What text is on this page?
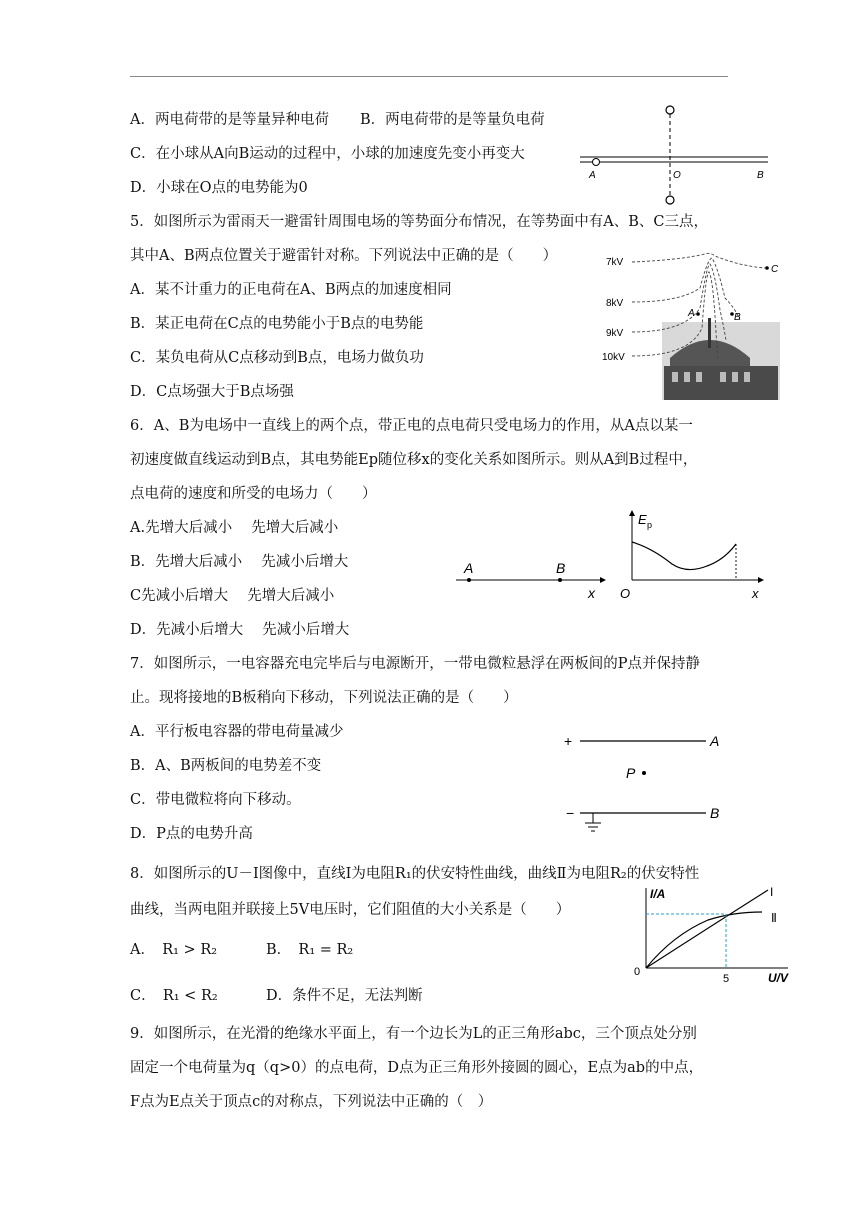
A．两电荷带的是等量异种电荷 B．两电荷带的是等量负电荷
C．在小球从A向B运动的过程中，小球的加速度先变小再变大
D．小球在O点的电势能为0
A	O	B
5．如图所示为雷雨天一避雷针周围电场的等势面分布情况，在等势面中有A、B、C三点，
其中A、B两点位置关于避雷针对称。下列说法中正确的是（　　）
A．某不计重力的正电荷在A、B两点的加速度相同
B．某正电荷在C点的电势能小于B点的电势能
C．某负电荷从C点移动到B点，电场力做负功
D．C点场强大于B点场强
7kV
8kV
9kV
10kV
A	B
C
6．A、B为电场中一直线上的两个点，带正电的点电荷只受电场力的作用，从A点以某一
初速度做直线运动到B点，其电势能Ep随位移x的变化关系如图所示。则从A到B过程中，
点电荷的速度和所受的电场力（　　）
A.先增大后减小　 先增大后减小
B．先增大后减小　 先减小后增大
C先减小后增大　 先增大后减小
D．先减小后增大　 先减小后增大
A	B
x
E p
O	x
7．如图所示，一电容器充电完毕后与电源断开，一带电微粒悬浮在两板间的P点并保持静
止。现将接地的B板稍向下移动，下列说法正确的是（　　）
A．平行板电容器的带电荷量减少
B．A、B两板间的电势差不变
C．带电微粒将向下移动。
D．P点的电势升高
+
−
A
B
P
8．如图所示的U－I图像中，直线I为电阻R₁的伏安特性曲线，曲线Ⅱ为电阻R₂的伏安特性
曲线，当两电阻并联接上5V电压时，它们阻值的大小关系是（　　）
A．　R₁ > R₂	B．　R₁ = R₂
C．　R₁ < R₂	D．条件不足，无法判断
I/A
U/V
0
5
I
Ⅱ
9．如图所示，在光滑的绝缘水平面上，有一个边长为L的正三角形abc，三个顶点处分别
固定一个电荷量为q（q>0）的点电荷，D点为正三角形外接圆的圆心，E点为ab的中点，
F点为E点关于顶点c的对称点，下列说法中正确的（　）
